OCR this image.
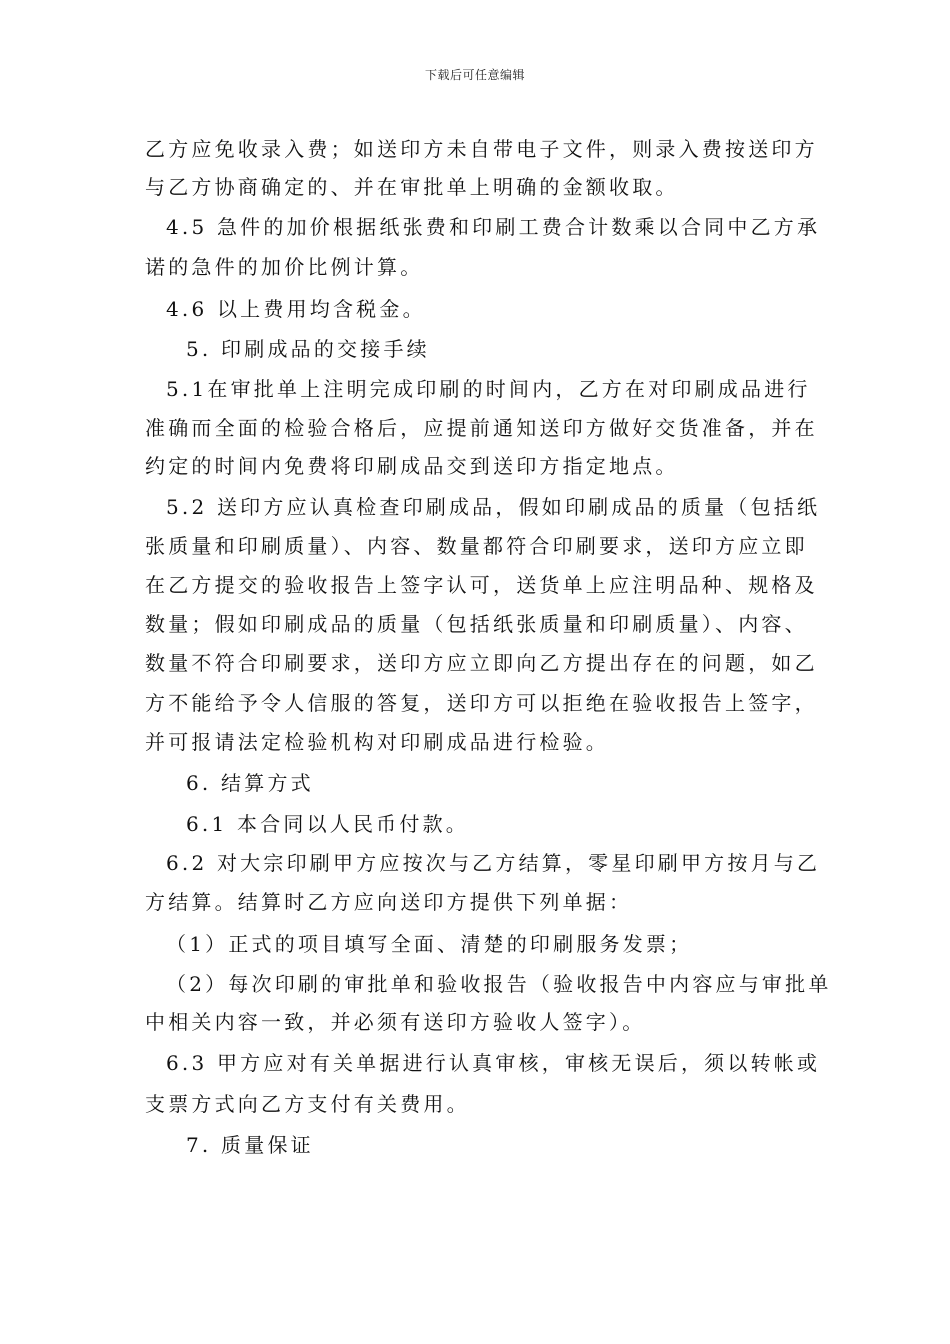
下载后可任意编辑
乙方应免收录入费；如送印方未自带电子文件，则录入费按送印方
与乙方协商确定的、并在审批单上明确的金额收取。
4.5 急件的加价根据纸张费和印刷工费合计数乘以合同中乙方承
诺的急件的加价比例计算。
4.6 以上费用均含税金。
5. 印刷成品的交接手续
5.1在审批单上注明完成印刷的时间内，乙方在对印刷成品进行
准确而全面的检验合格后，应提前通知送印方做好交货准备，并在
约定的时间内免费将印刷成品交到送印方指定地点。
5.2 送印方应认真检查印刷成品，假如印刷成品的质量（包括纸
张质量和印刷质量）、内容、数量都符合印刷要求，送印方应立即
在乙方提交的验收报告上签字认可，送货单上应注明品种、规格及
数量；假如印刷成品的质量（包括纸张质量和印刷质量）、内容、
数量不符合印刷要求，送印方应立即向乙方提出存在的问题，如乙
方不能给予令人信服的答复，送印方可以拒绝在验收报告上签字，
并可报请法定检验机构对印刷成品进行检验。
6. 结算方式
6.1 本合同以人民币付款。
6.2 对大宗印刷甲方应按次与乙方结算，零星印刷甲方按月与乙
方结算。结算时乙方应向送印方提供下列单据：
（1）正式的项目填写全面、清楚的印刷服务发票；
（2）每次印刷的审批单和验收报告（验收报告中内容应与审批单
中相关内容一致，并必须有送印方验收人签字）。
6.3 甲方应对有关单据进行认真审核，审核无误后，须以转帐或
支票方式向乙方支付有关费用。
7. 质量保证
